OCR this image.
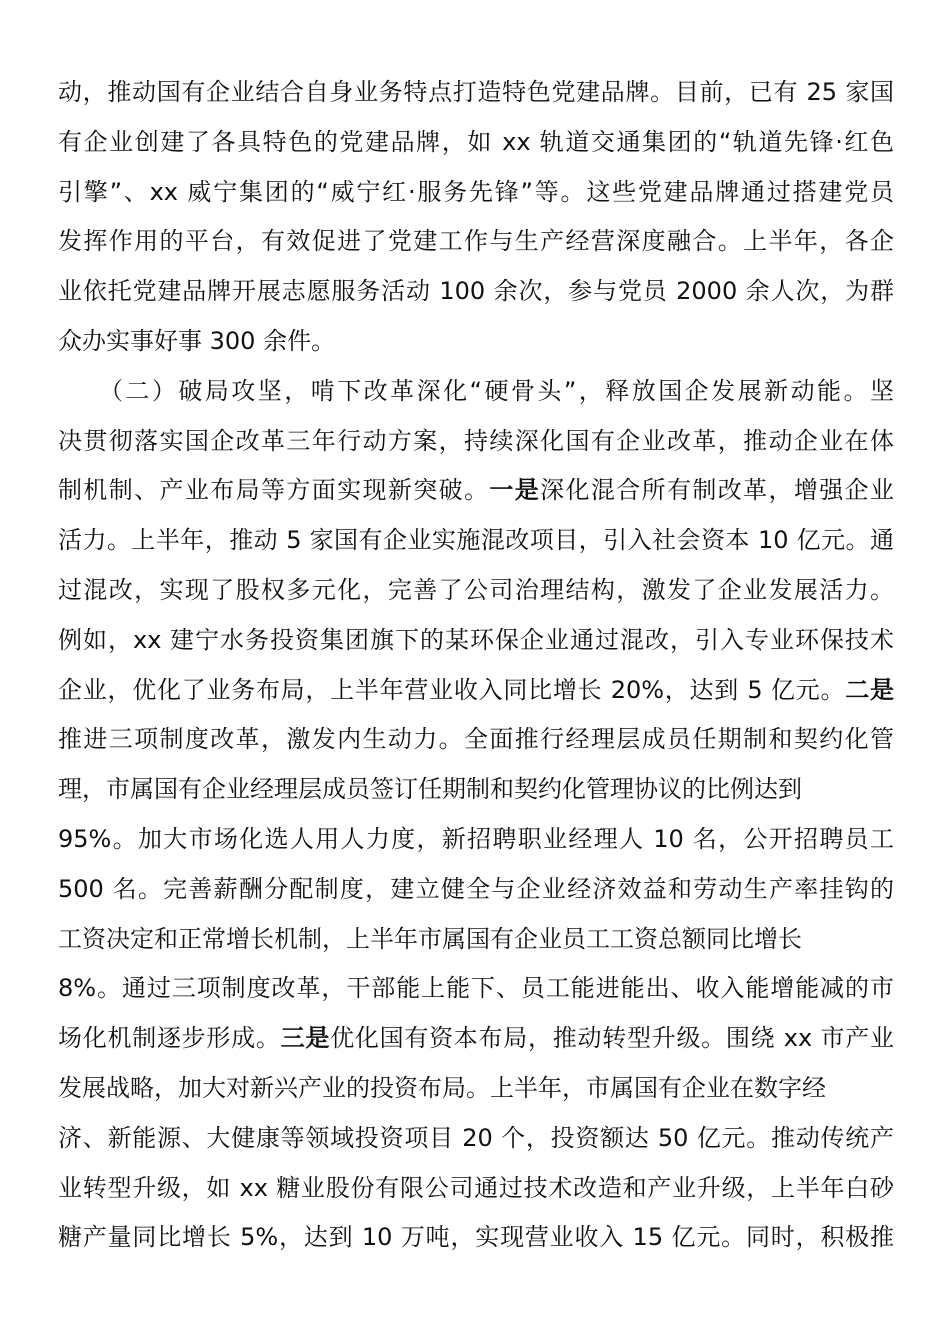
动，推动国有企业结合自身业务特点打造特色党建品牌。目前，已有 25 家国
有企业创建了各具特色的党建品牌，如 xx 轨道交通集团的“轨道先锋·红色
引擎”、xx 威宁集团的“威宁红·服务先锋”等。这些党建品牌通过搭建党员
发挥作用的平台，有效促进了党建工作与生产经营深度融合。上半年，各企
业依托党建品牌开展志愿服务活动 100 余次，参与党员 2000 余人次，为群
众办实事好事 300 余件。
　　（二）破局攻坚，啃下改革深化“硬骨头”，释放国企发展新动能。坚
决贯彻落实国企改革三年行动方案，持续深化国有企业改革，推动企业在体
制机制、产业布局等方面实现新突破。一是深化混合所有制改革，增强企业
活力。上半年，推动 5 家国有企业实施混改项目，引入社会资本 10 亿元。通
过混改，实现了股权多元化，完善了公司治理结构，激发了企业发展活力。
例如，xx 建宁水务投资集团旗下的某环保企业通过混改，引入专业环保技术
企业，优化了业务布局，上半年营业收入同比增长 20%，达到 5 亿元。二是
推进三项制度改革，激发内生动力。全面推行经理层成员任期制和契约化管
理，市属国有企业经理层成员签订任期制和契约化管理协议的比例达到
95%。加大市场化选人用人力度，新招聘职业经理人 10 名，公开招聘员工
500 名。完善薪酬分配制度，建立健全与企业经济效益和劳动生产率挂钩的
工资决定和正常增长机制，上半年市属国有企业员工工资总额同比增长
8%。通过三项制度改革，干部能上能下、员工能进能出、收入能增能减的市
场化机制逐步形成。三是优化国有资本布局，推动转型升级。围绕 xx 市产业
发展战略，加大对新兴产业的投资布局。上半年，市属国有企业在数字经
济、新能源、大健康等领域投资项目 20 个，投资额达 50 亿元。推动传统产
业转型升级，如 xx 糖业股份有限公司通过技术改造和产业升级，上半年白砂
糖产量同比增长 5%，达到 10 万吨，实现营业收入 15 亿元。同时，积极推
